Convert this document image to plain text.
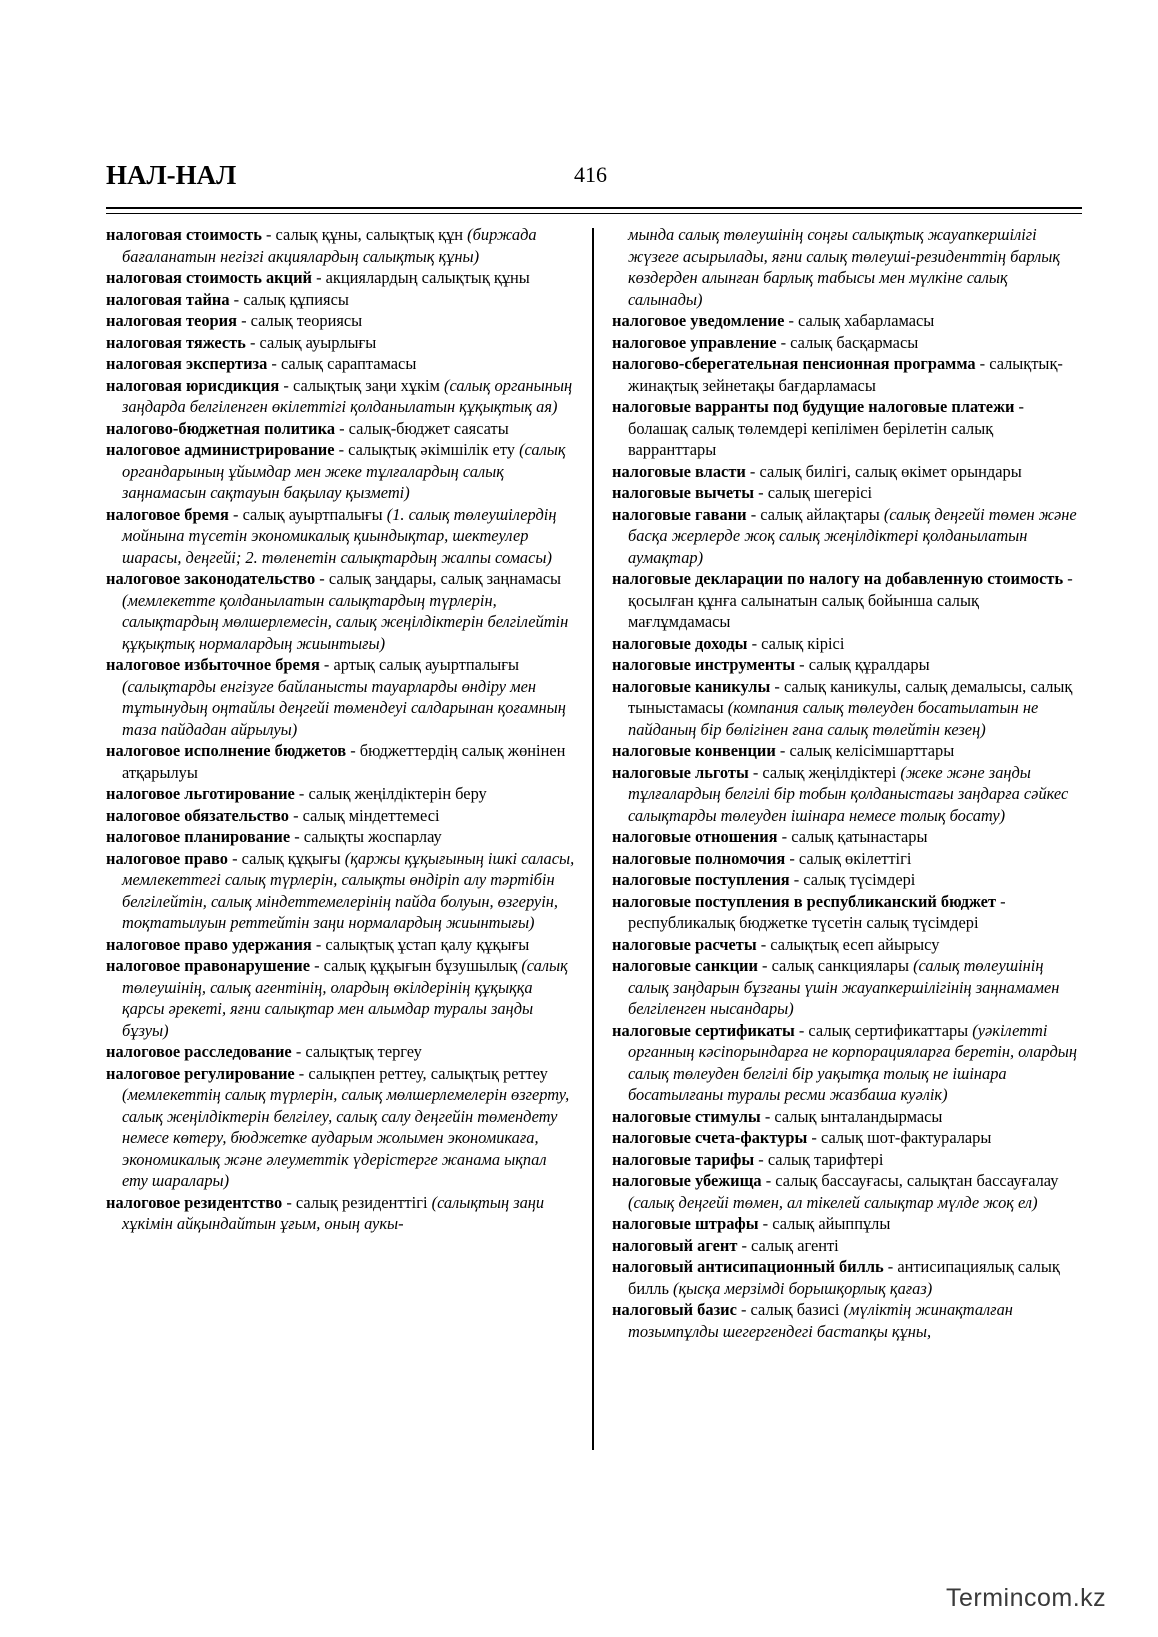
НАЛ-НАЛ	416

налоговая стоимость - салық құны, салықтық құн (биржада бағаланатын негізгі акциялардың салықтық құны)

налоговая стоимость акций - акциялардың салықтық құны

налоговая тайна - салық құпиясы

налоговая теория - салық теориясы

налоговая тяжесть - салық ауырлығы

налоговая экспертиза - салық сараптамасы

налоговая юрисдикция - салықтық заңи хұкім (салық органының заңдарда белгіленген өкілеттігі қолданылатын құқықтық ая)

налогово-бюджетная политика - салық-бюджет саясаты

налоговое администрирование - салықтық әкімшілік ету (салық органдарының ұйымдар мен жеке тұлғалардың салық заңнамасын сақтауын бақылау қызметі)

налоговое бремя - салық ауыртпалығы (1. салық төлеушілердің мойнына түсетін экономикалық қиындықтар, шектеулер шарасы, деңгейі; 2. төленетін салықтардың жалпы сомасы)

налоговое законодательство - салық заңдары, салық заңнамасы (мемлекетте қолданылатын салықтардың түрлерін, салықтардың мөлшерлемесін, салық жеңілдіктерін белгілейтін құқықтық нормалардың жиынтығы)

налоговое избыточное бремя - артық салық ауыртпалығы (салықтарды енгізуге байланысты тауарларды өндіру мен тұтынудың оңтайлы деңгейі төмендеуі салдарынан қоғамның таза пайдадан айрылуы)

налоговое исполнение бюджетов - бюджеттердің салық жөнінен атқарылуы

налоговое льготирование - салық жеңілдіктерін беру

налоговое обязательство - салық міндеттемесі

налоговое планирование - салықты жоспарлау

налоговое право - салық құқығы (қаржы құқығының ішкі саласы, мемлекеттегі салық түрлерін, салықты өндіріп алу тәртібін белгілейтін, салық міндеттемелерінің пайда болуын, өзгеруін, тоқтатылуын реттейтін заңи нормалардың жиынтығы)

налоговое право удержания - салықтық ұстап қалу құқығы

налоговое правонарушение - салық құқығын бұзушылық (салық төлеушінің, салық агентінің, олардың өкілдерінің құқыққа қарсы әрекеті, яғни салықтар мен алымдар туралы заңды бұзуы)

налоговое расследование - салықтық тергеу

налоговое регулирование - салықпен реттеу, салықтық реттеу (мемлекеттің салық түрлерін, салық мөлшерлемелерін өзгерту, салық жеңілдіктерін белгілеу, салық салу деңгейін төмендету немесе көтеру, бюджетке аударым жолымен экономикаға, экономикалық және әлеуметтік үдерістерге жанама ықпал ету шаралары)

налоговое резидентство - салық резиденттігі (салықтың заңи хұкімін айқындайтын ұғым, оның аукы-

мында салық төлеушінің соңғы салықтық жауапкершілігі жүзеге асырылады, яғни салық төлеуші-резиденттің барлық көздерден алынған барлық табысы мен мүлкіне салық салынады)

налоговое уведомление - салық хабарламасы

налоговое управление - салық басқармасы

налогово-сберегательная пенсионная программа - салықтық-жинақтық зейнетақы бағдарламасы

налоговые варранты под будущие налоговые платежи - болашақ салық төлемдері кепілімен берілетін салық варранттары

налоговые власти - салық билігі, салық өкімет орындары

налоговые вычеты - салық шегерісі

налоговые гавани - салық айлақтары (салық деңгейі төмен және басқа жерлерде жоқ салық жеңілдіктері қолданылатын аумақтар)

налоговые декларации по налогу на добавленную стоимость - қосылған құнға салынатын салық бойынша салық мағлұмдамасы

налоговые доходы - салық кірісі

налоговые инструменты - салық құралдары

налоговые каникулы - салық каникулы, салық демалысы, салық тыныстамасы (компания салық төлеуден босатылатын не пайданың бір бөлігінен ғана салық төлейтін кезең)

налоговые конвенции - салық келісімшарттары

налоговые льготы - салық жеңілдіктері (жеке және заңды тұлғалардың белгілі бір тобын қолданыстағы заңдарға сәйкес салықтарды төлеуден ішінара немесе толық босату)

налоговые отношения - салық қатынастары

налоговые полномочия - салық өкілеттігі

налоговые поступления - салық түсімдері

налоговые поступления в республиканский бюджет - республикалық бюджетке түсетін салық түсімдері

налоговые расчеты - салықтық есеп айырысу

налоговые санкции - салық санкциялары (салық төлеушінің салық заңдарын бұзғаны үшін жауапкершілігінің заңнамамен белгіленген нысандары)

налоговые сертификаты - салық сертификаттары (уәкілетті органның кәсіпорындарға не корпорацияларға беретін, олардың салық төлеуден белгілі бір уақытқа толық не ішінара босатылғаны туралы ресми жазбаша куәлік)

налоговые стимулы - салық ынталандырмасы

налоговые счета-фактуры - салық шот-фактуралары

налоговые тарифы - салық тарифтері

налоговые убежища - салық бассауғасы, салықтан бассауғалау (салық деңгейі төмен, ал тікелей салықтар мүлде жоқ ел)

налоговые штрафы - салық айыппұлы

налоговый агент - салық агенті

налоговый антисипационный билль - антисипациялық салық билль (қысқа мерзімді борышқорлық қағаз)

налоговый базис - салық базисі (мүліктің жинақталған тозымпұлды шегергендегі бастапқы құны,

Termincom.kz
